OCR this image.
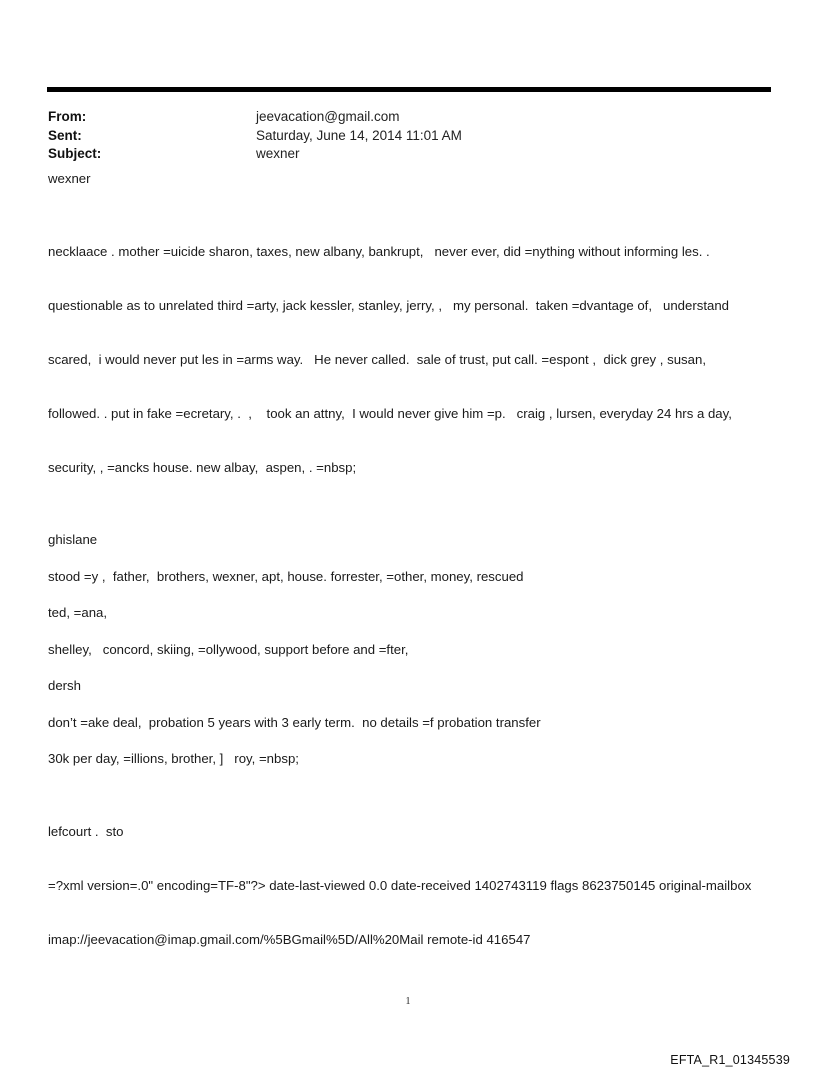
From:	jeevacation@gmail.com
Sent:	Saturday, June 14, 2014 11:01 AM
Subject:	wexner

wexner

necklaace . mother =uicide sharon, taxes, new albany, bankrupt,   never ever, did =nything without informing les. .

questionable as to unrelated third =arty, jack kessler, stanley, jerry, ,   my personal.  taken =dvantage of,   understand

scared,  i would never put les in =arms way.   He never called.  sale of trust, put call. =espont ,  dick grey , susan,

followed. . put in fake =ecretary, .  ,    took an attny,  I would never give him =p.   craig , lursen, everyday 24 hrs a day,

security, , =ancks house. new albay,  aspen, . =nbsp;

ghislane

stood =y ,  father,  brothers, wexner, apt, house. forrester, =other, money, rescued

ted, =ana,

shelley,   concord, skiing, =ollywood, support before and =fter,

dersh

don’t =ake deal,  probation 5 years with 3 early term.  no details =f probation transfer

30k per day, =illions, brother, ]   roy, =nbsp;

lefcourt .  sto

=?xml version=.0" encoding=TF-8"?> date-last-viewed 0.0 date-received 1402743119 flags 8623750145 original-mailbox

imap://jeevacation@imap.gmail.com/%5BGmail%5D/All%20Mail remote-id 416547

1
EFTA_R1_01345539
